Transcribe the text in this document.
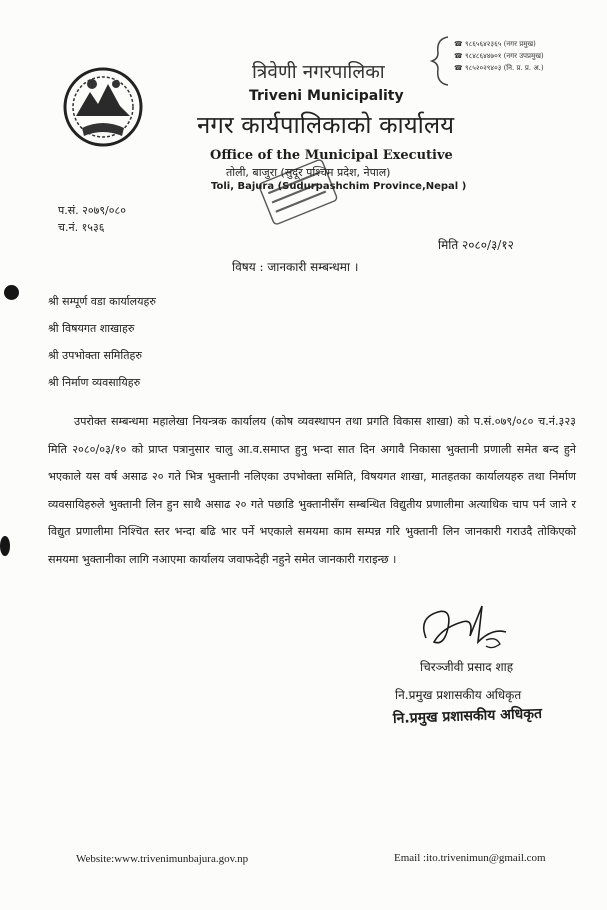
☎ ९८६५६४२३६५ (नगर प्रमुख)
☎ ९८४८६४४७०१ (नगर उपप्रमुख)
☎ ९८५२०२९४०३ (नि. प्र. प्र. अ.)
त्रिवेणी नगरपालिका
Triveni Municipality
नगर कार्यपालिकाको कार्यालय
Office of the Municipal Executive
तोली, बाजुरा (सुदूर पश्चिम प्रदेश, नेपाल)
Toli, Bajura (Sudurpashchim Province,Nepal )
प.सं. २०७९/०८०
च.नं. १५३६
मिति २०८०/३/१२
विषय : जानकारी सम्बन्धमा ।
श्री सम्पूर्ण वडा कार्यालयहरु
श्री विषयगत शाखाहरु
श्री उपभोक्ता समितिहरु
श्री निर्माण व्यवसायिहरु

उपरोक्त सम्बन्धमा महालेखा नियन्त्रक कार्यालय (कोष व्यवस्थापन तथा प्रगति विकास शाखा) को प.सं.०७९/०८० च.नं.३२३ मिति २०८०/०३/१० को प्राप्त पत्रानुसार चालु आ.व.समाप्त हुनु भन्दा सात दिन अगावै निकासा भुक्तानी प्रणाली समेत बन्द हुने भएकाले यस वर्ष असाढ २० गते भित्र भुक्तानी नलिएका उपभोक्ता समिति, विषयगत शाखा, मातहतका कार्यालयहरु तथा निर्माण व्यवसायिहरुले भुक्तानी लिन हुन साथै असाढ २० गते पछाडि भुक्तानीसँग सम्बन्धित विद्युतीय प्रणालीमा अत्याधिक चाप पर्न जाने र विद्युत प्रणालीमा निश्चित स्तर भन्दा बढि भार पर्ने भएकाले समयमा काम सम्पन्न गरि भुक्तानी लिन जानकारी गराउदै तोकिएको समयमा भुक्तानीका लागि नआएमा कार्यालय जवाफदेही नहुने समेत जानकारी गराइन्छ ।

चिरञ्जीवी प्रसाद शाह
नि.प्रमुख प्रशासकीय अधिकृत
नि.प्रमुख प्रशासकीय अधिकृत
Website:www.trivenimunbajura.gov.np	Email :ito.trivenimun@gmail.com
